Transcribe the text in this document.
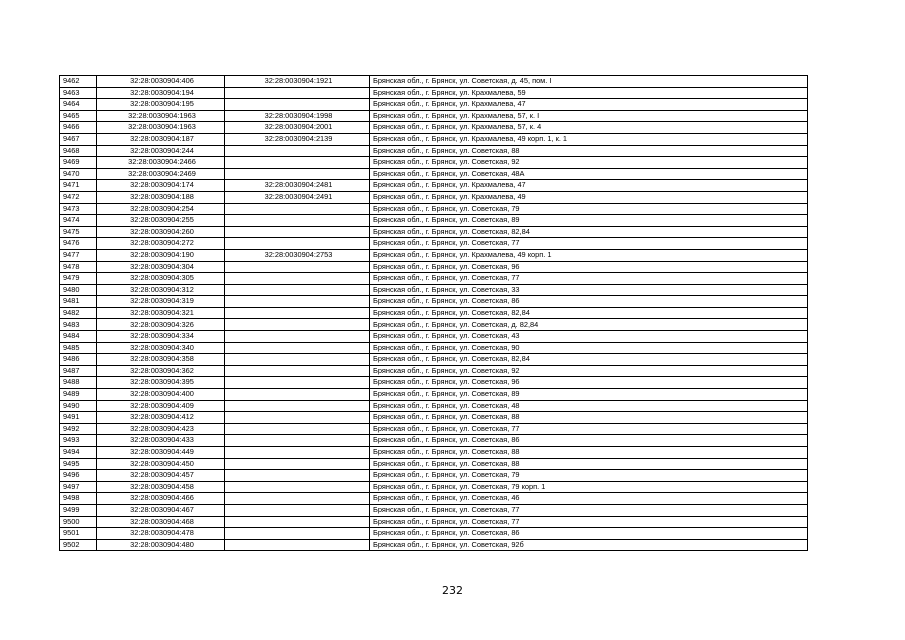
9462	32:28:0030904:406	32:28:0030904:1921	Брянская обл., г. Брянск, ул. Советская, д. 45, пом. I
9463	32:28:0030904:194		Брянская обл., г. Брянск, ул. Крахмалева, 59
9464	32:28:0030904:195		Брянская обл., г. Брянск, ул. Крахмалева, 47
9465	32:28:0030904:1963	32:28:0030904:1998	Брянская обл., г. Брянск, ул. Крахмалева, 57, к. I
9466	32:28:0030904:1963	32:28:0030904:2001	Брянская обл., г. Брянск, ул. Крахмалева, 57, к. 4
9467	32:28:0030904:187	32:28:0030904:2139	Брянская обл., г. Брянск, ул. Крахмалева, 49 корп. 1, к. 1
9468	32:28:0030904:244		Брянская обл., г. Брянск, ул. Советская, 88
9469	32:28:0030904:2466		Брянская обл., г. Брянск, ул. Советская, 92
9470	32:28:0030904:2469		Брянская обл., г. Брянск, ул. Советская, 48А
9471	32:28:0030904:174	32:28:0030904:2481	Брянская обл., г. Брянск, ул. Крахмалева, 47
9472	32:28:0030904:188	32:28:0030904:2491	Брянская обл., г. Брянск, ул. Крахмалева, 49
9473	32:28:0030904:254		Брянская обл., г. Брянск, ул. Советская, 79
9474	32:28:0030904:255		Брянская обл., г. Брянск, ул. Советская, 89
9475	32:28:0030904:260		Брянская обл., г. Брянск, ул. Советская, 82,84
9476	32:28:0030904:272		Брянская обл., г. Брянск, ул. Советская, 77
9477	32:28:0030904:190	32:28:0030904:2753	Брянская обл., г. Брянск, ул. Крахмалева, 49 корп. 1
9478	32:28:0030904:304		Брянская обл., г. Брянск, ул. Советская, 96
9479	32:28:0030904:305		Брянская обл., г. Брянск, ул. Советская, 77
9480	32:28:0030904:312		Брянская обл., г. Брянск, ул. Советская, 33
9481	32:28:0030904:319		Брянская обл., г. Брянск, ул. Советская, 86
9482	32:28:0030904:321		Брянская обл., г. Брянск, ул. Советская, 82,84
9483	32:28:0030904:326		Брянская обл., г. Брянск, ул. Советская, д. 82,84
9484	32:28:0030904:334		Брянская обл., г. Брянск, ул. Советская, 43
9485	32:28:0030904:340		Брянская обл., г. Брянск, ул. Советская, 90
9486	32:28:0030904:358		Брянская обл., г. Брянск, ул. Советская, 82,84
9487	32:28:0030904:362		Брянская обл., г. Брянск, ул. Советская, 92
9488	32:28:0030904:395		Брянская обл., г. Брянск, ул. Советская, 96
9489	32:28:0030904:400		Брянская обл., г. Брянск, ул. Советская, 89
9490	32:28:0030904:409		Брянская обл., г. Брянск, ул. Советская, 48
9491	32:28:0030904:412		Брянская обл., г. Брянск, ул. Советская, 88
9492	32:28:0030904:423		Брянская обл., г. Брянск, ул. Советская, 77
9493	32:28:0030904:433		Брянская обл., г. Брянск, ул. Советская, 86
9494	32:28:0030904:449		Брянская обл., г. Брянск, ул. Советская, 88
9495	32:28:0030904:450		Брянская обл., г. Брянск, ул. Советская, 88
9496	32:28:0030904:457		Брянская обл., г. Брянск, ул. Советская, 79
9497	32:28:0030904:458		Брянская обл., г. Брянск, ул. Советская, 79 корп. 1
9498	32:28:0030904:466		Брянская обл., г. Брянск, ул. Советская, 46
9499	32:28:0030904:467		Брянская обл., г. Брянск, ул. Советская, 77
9500	32:28:0030904:468		Брянская обл., г. Брянск, ул. Советская, 77
9501	32:28:0030904:478		Брянская обл., г. Брянск, ул. Советская, 86
9502	32:28:0030904:480		Брянская обл., г. Брянск, ул. Советская, 92б
232
